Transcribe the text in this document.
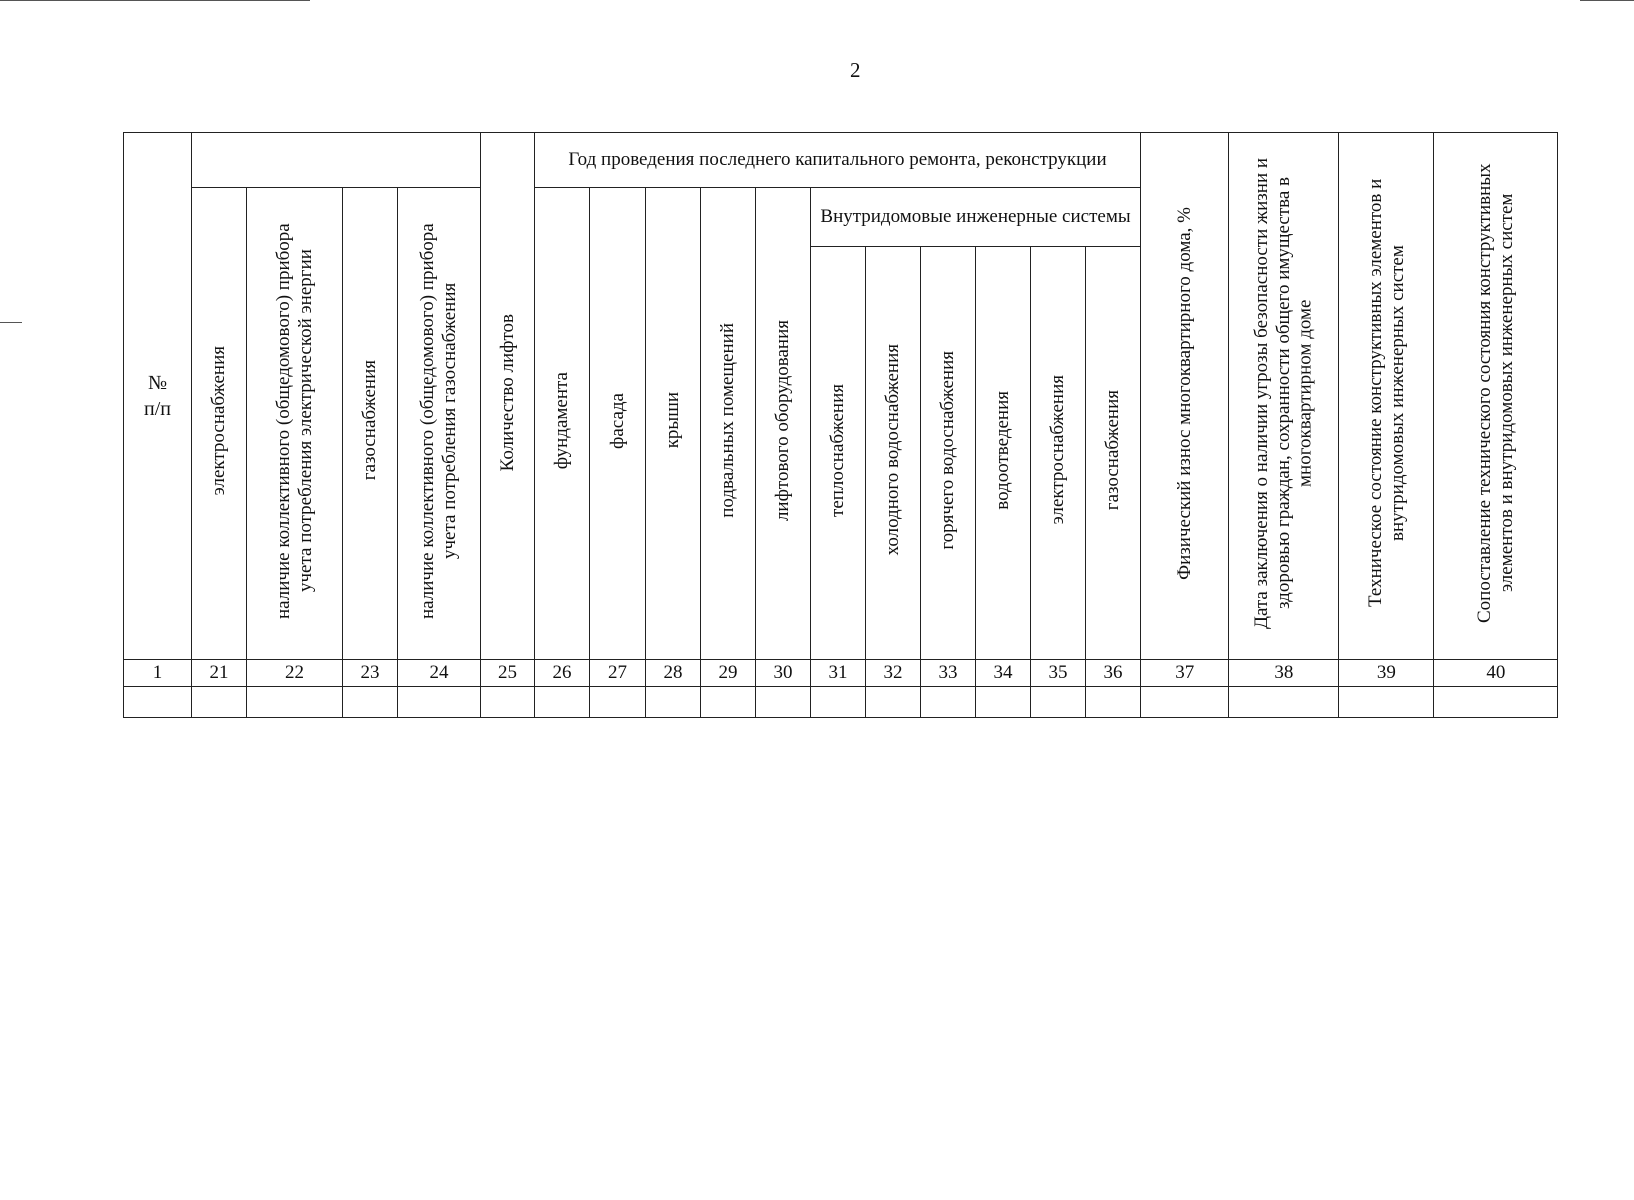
2
№ п/п					Количество лифтов	Год проведения последнего капитального ремонта, реконструкции											Физический износ многоквартирного дома, %	Дата заключения о наличии угрозы безопасности жизни и здоровью граждан, сохранности общего имущества в многоквартирном доме	Техническое состояние конструктивных элементов и внутридомовых инженерных систем	Сопоставление технического состояния конструктивных элементов и внутридомовых инженерных систем
	электроснабжения	наличие коллективного (общедомового) прибора учета потребления электрической энергии	газоснабжения	наличие коллективного (общедомового) прибора учета потребления газоснабжения		фундамента	фасада	крыши	подвальных помещений	лифтового оборудования	Внутридомовые инженерные системы									
											теплоснабжения	холодного водоснабжения	горячего водоснабжения	водоотведения	электроснабжения	газоснабжения				
1	21	22	23	24	25	26	27	28	29	30	31	32	33	34	35	36	37	38	39	40
